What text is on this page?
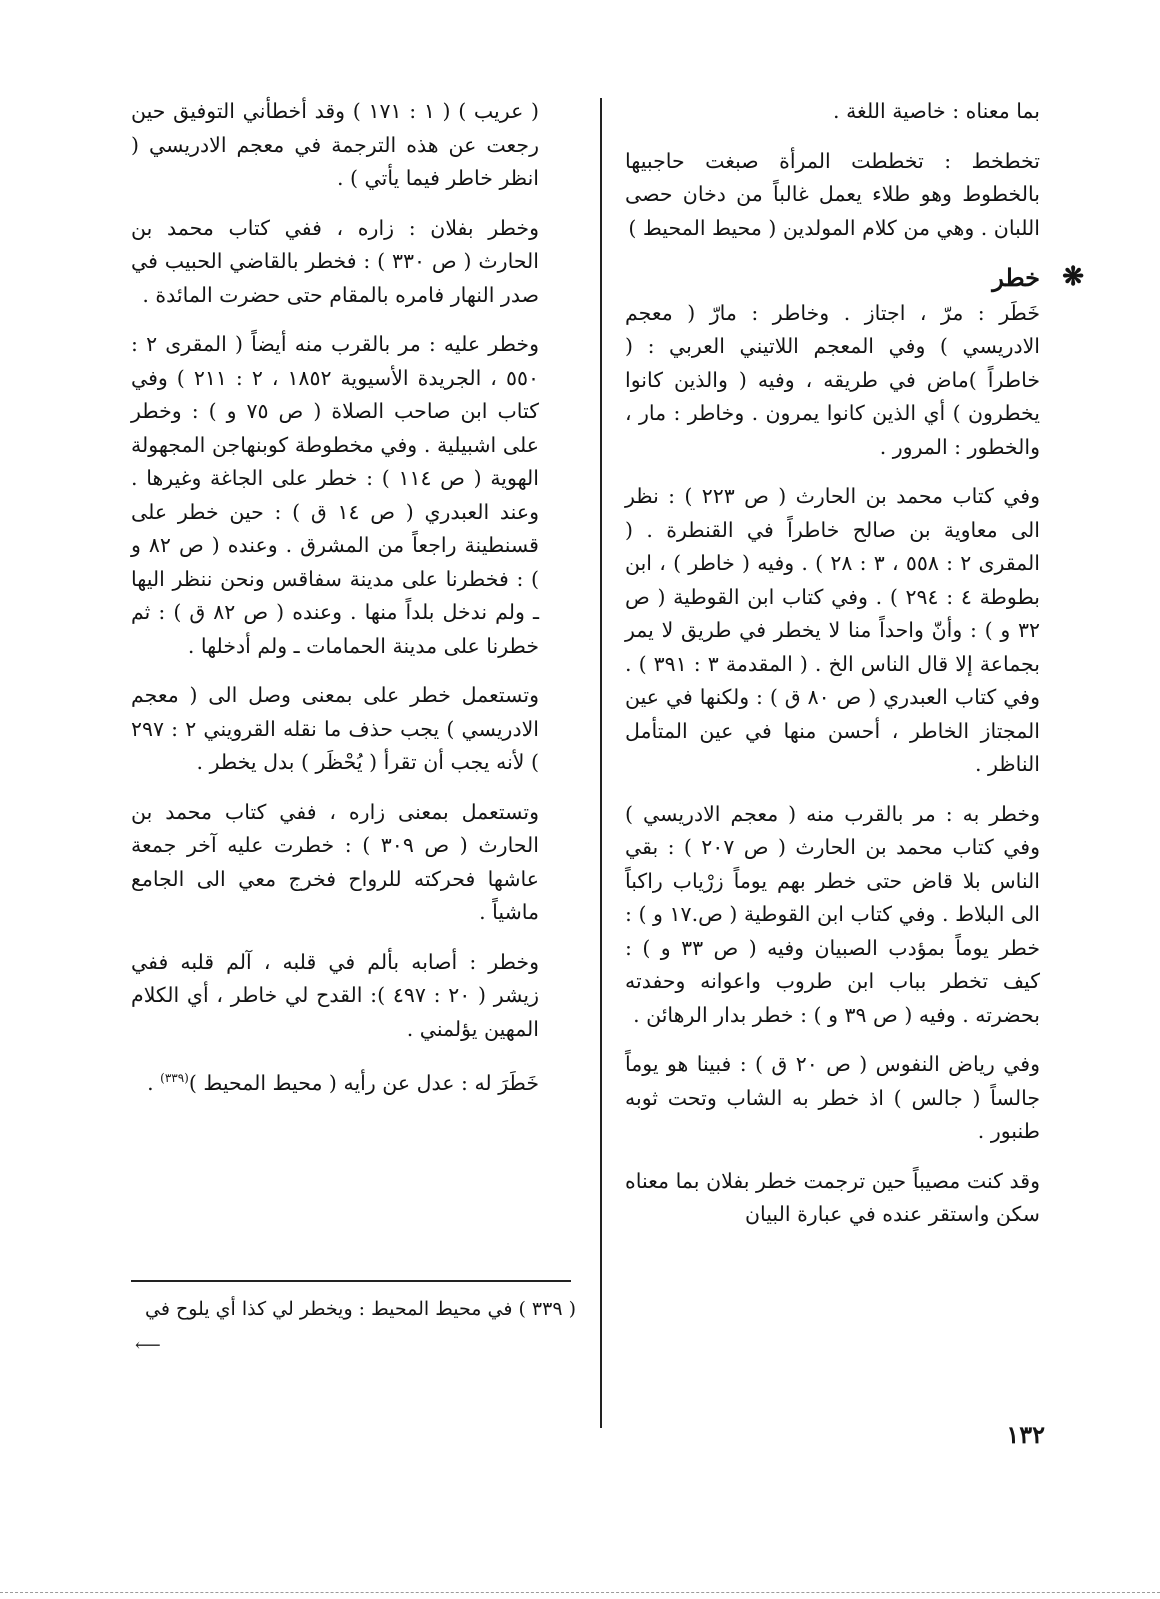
بما معناه : خاصية اللغة .

تخطخط : تخططت المرأة صبغت حاجبيها بالخطوط وهو طلاء يعمل غالباً من دخان حصى اللبان . وهي من كلام المولدين ( محيط المحيط )

❋
خطر

خَطَر : مرّ ، اجتاز . وخاطر : مارّ ( معجم الادريسي ) وفي المعجم اللاتيني العربي : ( خاطراً )ماض في طريقه ، وفيه ( والذين كانوا يخطرون ) أي الذين كانوا يمرون . وخاطر : مار ، والخطور : المرور .

وفي كتاب محمد بن الحارث ( ص ٢٢٣ ) : نظر الى معاوية بن صالح خاطراً في القنطرة . ( المقرى ٢ : ٥٥٨ ، ٣ : ٢٨ ) . وفيه ( خاطر ) ، ابن بطوطة ٤ : ٢٩٤ ) . وفي كتاب ابن القوطية ( ص ٣٢ و ) : وأنّ واحداً منا لا يخطر في طريق لا يمر بجماعة إلا قال الناس الخ . ( المقدمة ٣ : ٣٩١ ) . وفي كتاب العبدري ( ص ٨٠ ق ) : ولكنها في عين المجتاز الخاطر ، أحسن منها في عين المتأمل الناظر .

وخطر به : مر بالقرب منه ( معجم الادريسي ) وفي كتاب محمد بن الحارث ( ص ٢٠٧ ) : بقي الناس بلا قاض حتى خطر بهم يوماً زرْياب راكباً الى البلاط . وفي كتاب ابن القوطية ( ص.١٧ و ) : خطر يوماً بمؤدب الصبيان وفيه ( ص ٣٣ و ) : كيف تخطر بباب ابن طروب واعوانه وحفدته بحضرته . وفيه ( ص ٣٩ و ) : خطر بدار الرهائن .

وفي رياض النفوس ( ص ٢٠ ق ) : فبينا هو يوماً جالساً ( جالس ) اذ خطر به الشاب وتحت ثوبه طنبور .

وقد كنت مصيباً حين ترجمت خطر بفلان بما معناه سكن واستقر عنده في عبارة البيان

( عريب ) ( ١ : ١٧١ ) وقد أخطأني التوفيق حين رجعت عن هذه الترجمة في معجم الادريسي ( انظر خاطر فيما يأتي ) .

وخطر بفلان : زاره ، ففي كتاب محمد بن الحارث ( ص ٣٣٠ ) : فخطر بالقاضي الحبيب في صدر النهار فامره بالمقام حتى حضرت المائدة .

وخطر عليه : مر بالقرب منه أيضاً ( المقرى ٢ : ٥٥٠ ، الجريدة الأسيوية ١٨٥٢ ، ٢ : ٢١١ ) وفي كتاب ابن صاحب الصلاة ( ص ٧٥ و ) : وخطر على اشبيلية . وفي مخطوطة كوبنهاجن المجهولة الهوية ( ص ١١٤ ) : خطر على الجاغة وغيرها . وعند العبدري ( ص ١٤ ق ) : حين خطر على قسنطينة راجعاً من المشرق . وعنده ( ص ٨٢ و ) : فخطرنا على مدينة سفاقس ونحن ننظر اليها ـ ولم ندخل بلداً منها . وعنده ( ص ٨٢ ق ) : ثم خطرنا على مدينة الحمامات ـ ولم أدخلها .

وتستعمل خطر على بمعنى وصل الى ( معجم الادريسي ) يجب حذف ما نقله القرويني ٢ : ٢٩٧ ) لأنه يجب أن تقرأ ( يُحْظَر ) بدل يخطر .

وتستعمل بمعنى زاره ، ففي كتاب محمد بن الحارث ( ص ٣٠٩ ) : خطرت عليه آخر جمعة عاشها فحركته للرواح فخرج معي الى الجامع ماشياً .

وخطر : أصابه بألم في قلبه ، آلم قلبه ففي زيشر ( ٢٠ : ٤٩٧ ): القدح لي خاطر ، أي الكلام المهين يؤلمني .

خَطَرَ له : عدل عن رأيه ( محيط المحيط )$^{(٣٣٩)}$ .

( ٣٣٩ ) في محيط المحيط : ويخطر لي كذا أي يلوح في
⟵
١٣٢
